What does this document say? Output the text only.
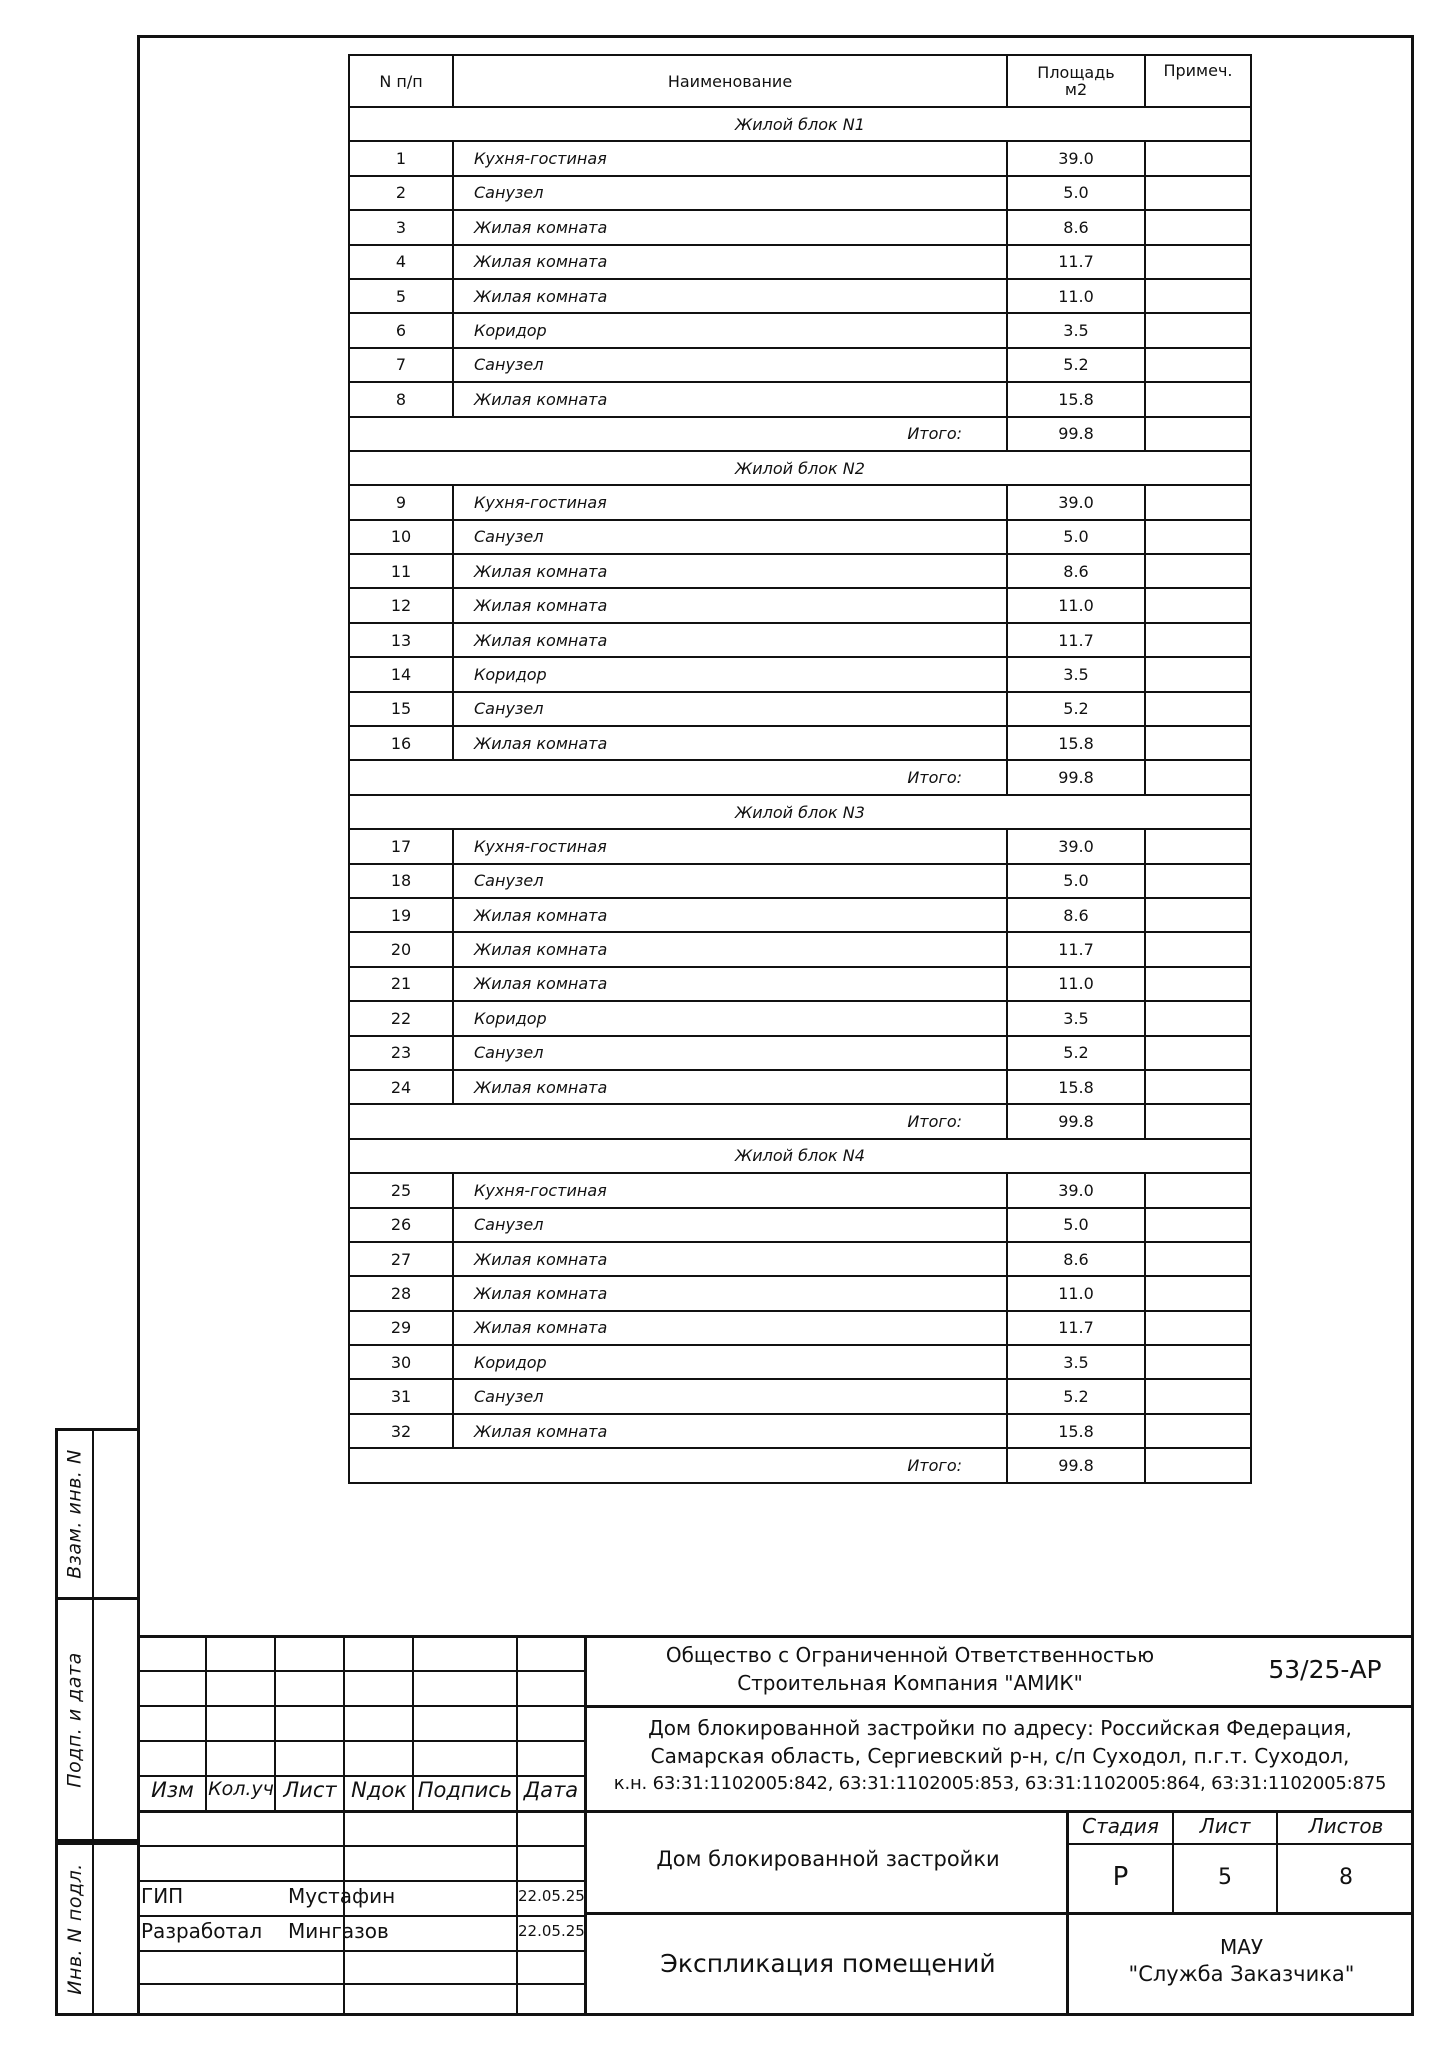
Взам. инв. N
Подп. и дата
Инв. N подл.
N п/п	Наименование	Площадь м2	Примеч.
Жилой блок N1			
1	Кухня-гостиная	39.0	
2	Санузел	5.0	
3	Жилая комната	8.6	
4	Жилая комната	11.7	
5	Жилая комната	11.0	
6	Коридор	3.5	
7	Санузел	5.2	
8	Жилая комната	15.8	
Итого:		99.8	
Жилой блок N2			
9	Кухня-гостиная	39.0	
10	Санузел	5.0	
11	Жилая комната	8.6	
12	Жилая комната	11.0	
13	Жилая комната	11.7	
14	Коридор	3.5	
15	Санузел	5.2	
16	Жилая комната	15.8	
Итого:		99.8	
Жилой блок N3			
17	Кухня-гостиная	39.0	
18	Санузел	5.0	
19	Жилая комната	8.6	
20	Жилая комната	11.7	
21	Жилая комната	11.0	
22	Коридор	3.5	
23	Санузел	5.2	
24	Жилая комната	15.8	
Итого:		99.8	
Жилой блок N4			
25	Кухня-гостиная	39.0	
26	Санузел	5.0	
27	Жилая комната	8.6	
28	Жилая комната	11.0	
29	Жилая комната	11.7	
30	Коридор	3.5	
31	Санузел	5.2	
32	Жилая комната	15.8	
Итого:		99.8	
Изм Кол.уч Лист Nдок Подпись Дата
ГИП	Мустафин	22.05.25
Разработал Мингазов	22.05.25
Общество с Ограниченной Ответственностью
Строительная Компания "АМИК"	53/25-АР
Дом блокированной застройки по адресу: Российская Федерация,
Самарская область, Сергиевский р-н, с/п Суходол, п.г.т. Суходол,
к.н. 63:31:1102005:842, 63:31:1102005:853, 63:31:1102005:864, 63:31:1102005:875
Дом блокированной застройки
Экспликация помещений
Стадия	Лист	Листов
Р	5	8
МАУ
"Служба Заказчика"
